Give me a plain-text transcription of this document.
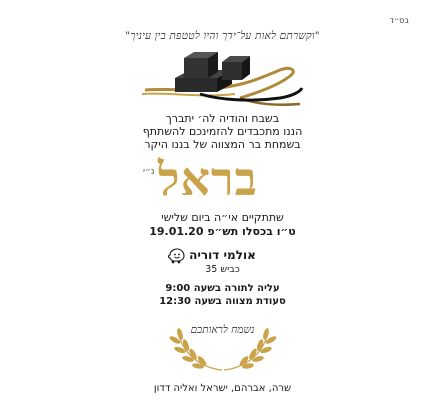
בס״ד
"וקשרתם לאות על־ידך והיו לטטפת בין עיניך"
בשבח והודיה לה׳ יתברך
הננו מתכבדים להזמינכם להשתתף
בשמחת בר המצווה של בננו היקר
בראל
נ״י
שתתקיים אי״ה ביום שלישי
ט״ו בכסלו תש״פ 19.01.20
אולמי דוריה
כביש 35
עליה לתורה בשעה 9:00
סעודת מצווה בשעה 12:30
נשמח לראותכם
שרה, אברהם, ישראל ואליה דדון
